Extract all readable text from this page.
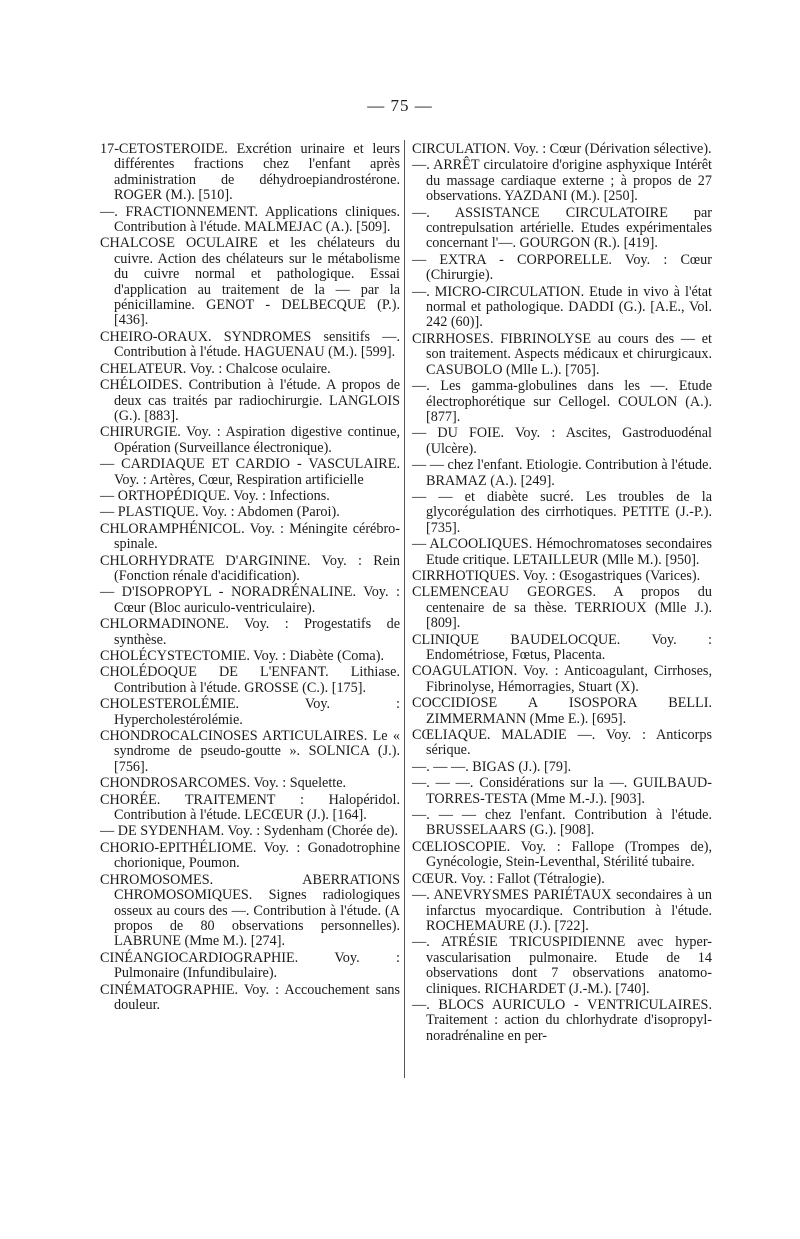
— 75 —

17-CETOSTEROIDE. Excrétion urinaire et leurs différentes fractions chez l'enfant après administration de déhydroepiandrostérone. ROGER (M.). [510].

—. FRACTIONNEMENT. Applications cliniques. Contribution à l'étude. MALMEJAC (A.). [509].

CHALCOSE OCULAIRE et les chélateurs du cuivre. Action des chélateurs sur le métabolisme du cuivre normal et pathologique. Essai d'application au traitement de la — par la pénicillamine. GENOT - DELBECQUE (P.). [436].

CHEIRO-ORAUX. SYNDROMES sensitifs —. Contribution à l'étude. HAGUENAU (M.). [599].

CHELATEUR. Voy. : Chalcose oculaire.

CHÉLOIDES. Contribution à l'étude. A propos de deux cas traités par radiochirurgie. LANGLOIS (G.). [883].

CHIRURGIE. Voy. : Aspiration digestive continue, Opération (Surveillance électronique).

— CARDIAQUE ET CARDIO - VASCULAIRE. Voy. : Artères, Cœur, Respiration artificielle

— ORTHOPÉDIQUE. Voy. : Infections.

— PLASTIQUE. Voy. : Abdomen (Paroi).

CHLORAMPHÉNICOL. Voy. : Méningite cérébro-spinale.

CHLORHYDRATE D'ARGININE. Voy. : Rein (Fonction rénale d'acidification).

— D'ISOPROPYL - NORADRÉNALINE. Voy. : Cœur (Bloc auriculo-ventriculaire).

CHLORMADINONE. Voy. : Progestatifs de synthèse.

CHOLÉCYSTECTOMIE. Voy. : Diabète (Coma).

CHOLÉDOQUE DE L'ENFANT. Lithiase. Contribution à l'étude. GROSSE (C.). [175].

CHOLESTEROLÉMIE. Voy. : Hypercholestérolémie.

CHONDROCALCINOSES ARTICULAIRES. Le « syndrome de pseudo-goutte ». SOLNICA (J.). [756].

CHONDROSARCOMES. Voy. : Squelette.

CHORÉE. TRAITEMENT : Halopéridol. Contribution à l'étude. LECŒUR (J.). [164].

— DE SYDENHAM. Voy. : Sydenham (Chorée de).

CHORIO-EPITHÉLIOME. Voy. : Gonadotrophine chorionique, Poumon.

CHROMOSOMES. ABERRATIONS CHROMOSOMIQUES. Signes radiologiques osseux au cours des —. Contribution à l'étude. (A propos de 80 observations personnelles). LABRUNE (Mme M.). [274].

CINÉANGIOCARDIOGRAPHIE. Voy. : Pulmonaire (Infundibulaire).

CINÉMATOGRAPHIE. Voy. : Accouchement sans douleur.

CIRCULATION. Voy. : Cœur (Dérivation sélective).

—. ARRÊT circulatoire d'origine asphyxique Intérêt du massage cardiaque externe ; à propos de 27 observations. YAZDANI (M.). [250].

—. ASSISTANCE CIRCULATOIRE par contrepulsation artérielle. Etudes expérimentales concernant l'—. GOURGON (R.). [419].

— EXTRA - CORPORELLE. Voy. : Cœur (Chirurgie).

—. MICRO-CIRCULATION. Etude in vivo à l'état normal et pathologique. DADDI (G.). [A.E., Vol. 242 (60)].

CIRRHOSES. FIBRINOLYSE au cours des — et son traitement. Aspects médicaux et chirurgicaux. CASUBOLO (Mlle L.). [705].

—. Les gamma-globulines dans les —. Etude électrophorétique sur Cellogel. COULON (A.). [877].

— DU FOIE. Voy. : Ascites, Gastroduodénal (Ulcère).

— — chez l'enfant. Etiologie. Contribution à l'étude. BRAMAZ (A.). [249].

— — et diabète sucré. Les troubles de la glycorégulation des cirrhotiques. PETITE (J.-P.). [735].

— ALCOOLIQUES. Hémochromatoses secondaires Etude critique. LETAILLEUR (Mlle M.). [950].

CIRRHOTIQUES. Voy. : Œsogastriques (Varices).

CLEMENCEAU GEORGES. A propos du centenaire de sa thèse. TERRIOUX (Mlle J.). [809].

CLINIQUE BAUDELOCQUE. Voy. : Endométriose, Fœtus, Placenta.

COAGULATION. Voy. : Anticoagulant, Cirrhoses, Fibrinolyse, Hémorragies, Stuart (X).

COCCIDIOSE A ISOSPORA BELLI. ZIMMERMANN (Mme E.). [695].

CŒLIAQUE. MALADIE —. Voy. : Anticorps sérique.

—. — —. BIGAS (J.). [79].

—. — —. Considérations sur la —. GUILBAUD-TORRES-TESTA (Mme M.-J.). [903].

—. — — chez l'enfant. Contribution à l'étude. BRUSSELAARS (G.). [908].

CŒLIOSCOPIE. Voy. : Fallope (Trompes de), Gynécologie, Stein-Leventhal, Stérilité tubaire.

CŒUR. Voy. : Fallot (Tétralogie).

—. ANEVRYSMES PARIÉTAUX secondaires à un infarctus myocardique. Contribution à l'étude. ROCHEMAURE (J.). [722].

—. ATRÉSIE TRICUSPIDIENNE avec hyper-vascularisation pulmonaire. Etude de 14 observations dont 7 observations anatomo-cliniques. RICHARDET (J.-M.). [740].

—. BLOCS AURICULO - VENTRICULAIRES. Traitement : action du chlorhydrate d'isopropyl-noradrénaline en per-
